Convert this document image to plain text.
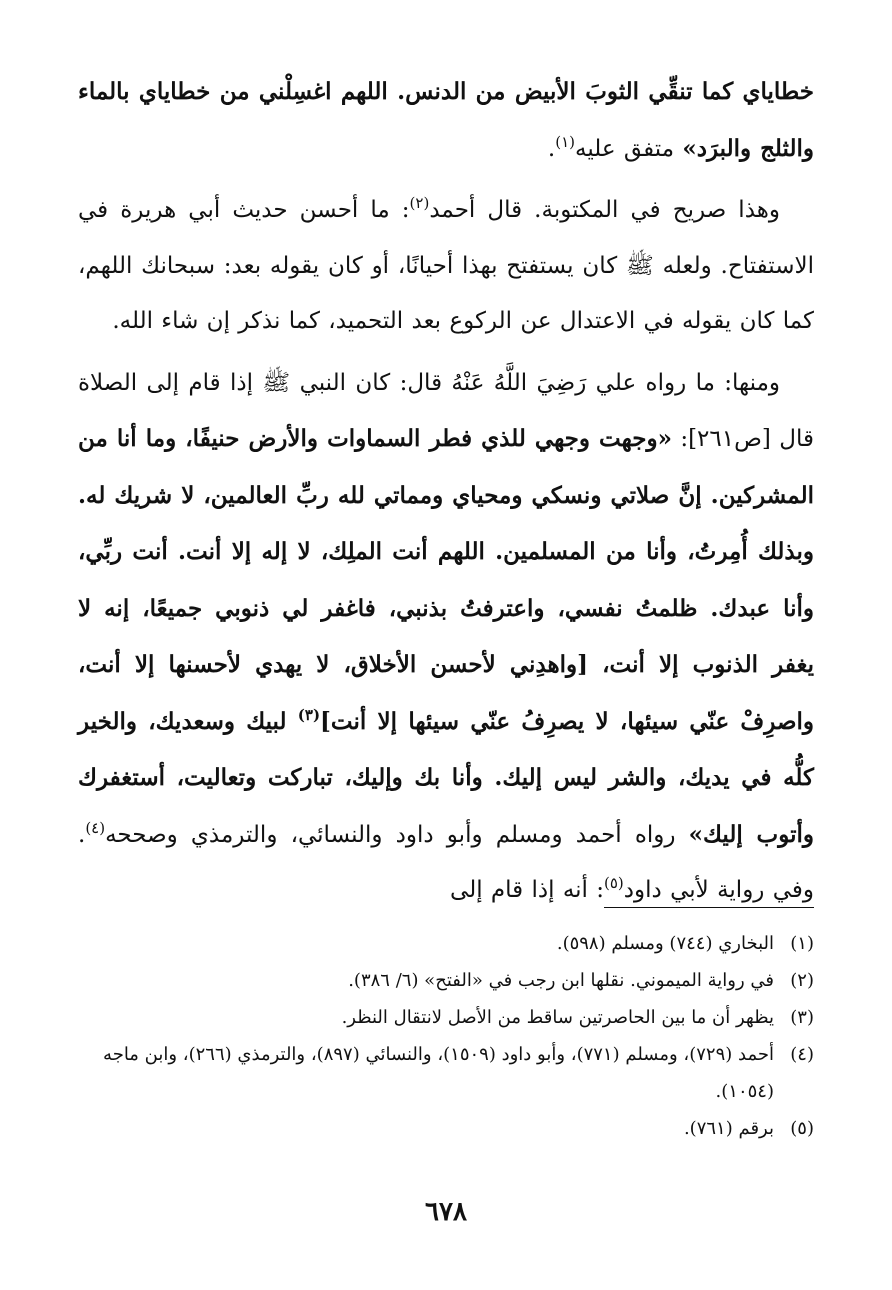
خطاياي كما تنقِّي الثوبَ الأبيض من الدنس. اللهم اغسِلْني من خطاياي بالماء والثلج والبرَد» متفق عليه$^{(١)}$.

وهذا صريح في المكتوبة. قال أحمد$^{(٢)}$: ما أحسن حديث أبي هريرة في الاستفتاح. ولعله ﷺ كان يستفتح بهذا أحيانًا، أو كان يقوله بعد: سبحانك اللهم، كما كان يقوله في الاعتدال عن الركوع بعد التحميد، كما نذكر إن شاء الله.

ومنها: ما رواه علي رَضِيَ اللَّهُ عَنْهُ قال: كان النبي ﷺ إذا قام إلى الصلاة قال [ص٢٦١]: «وجهت وجهي للذي فطر السماوات والأرض حنيفًا، وما أنا من المشركين. إنَّ صلاتي ونسكي ومحياي ومماتي لله ربِّ العالمين، لا شريك له. وبذلك أُمِرتُ، وأنا من المسلمين. اللهم أنت الملِك، لا إله إلا أنت. أنت ربِّي، وأنا عبدك. ظلمتُ نفسي، واعترفتُ بذنبي، فاغفر لي ذنوبي جميعًا، إنه لا يغفر الذنوب إلا أنت، [واهدِني لأحسن الأخلاق، لا يهدي لأحسنها إلا أنت، واصرِفْ عنّي سيئها، لا يصرِفُ عنّي سيئها إلا أنت]$^{(٣)}$ لبيك وسعديك، والخير كلُّه في يديك، والشر ليس إليك. وأنا بك وإليك، تباركت وتعاليت، أستغفرك وأتوب إليك» رواه أحمد ومسلم وأبو داود والنسائي، والترمذي وصححه$^{(٤)}$. وفي رواية لأبي داود$^{(٥)}$: أنه إذا قام إلى

(١)
البخاري (٧٤٤) ومسلم (٥٩٨).
(٢)
في رواية الميموني. نقلها ابن رجب في «الفتح» (٦/ ٣٨٦).
(٣)
يظهر أن ما بين الحاصرتين ساقط من الأصل لانتقال النظر.
(٤)
أحمد (٧٢٩)، ومسلم (٧٧١)، وأبو داود (١٥٠٩)، والنسائي (٨٩٧)، والترمذي (٢٦٦)، وابن ماجه (١٠٥٤).
(٥)
برقم (٧٦١).
٦٧٨
